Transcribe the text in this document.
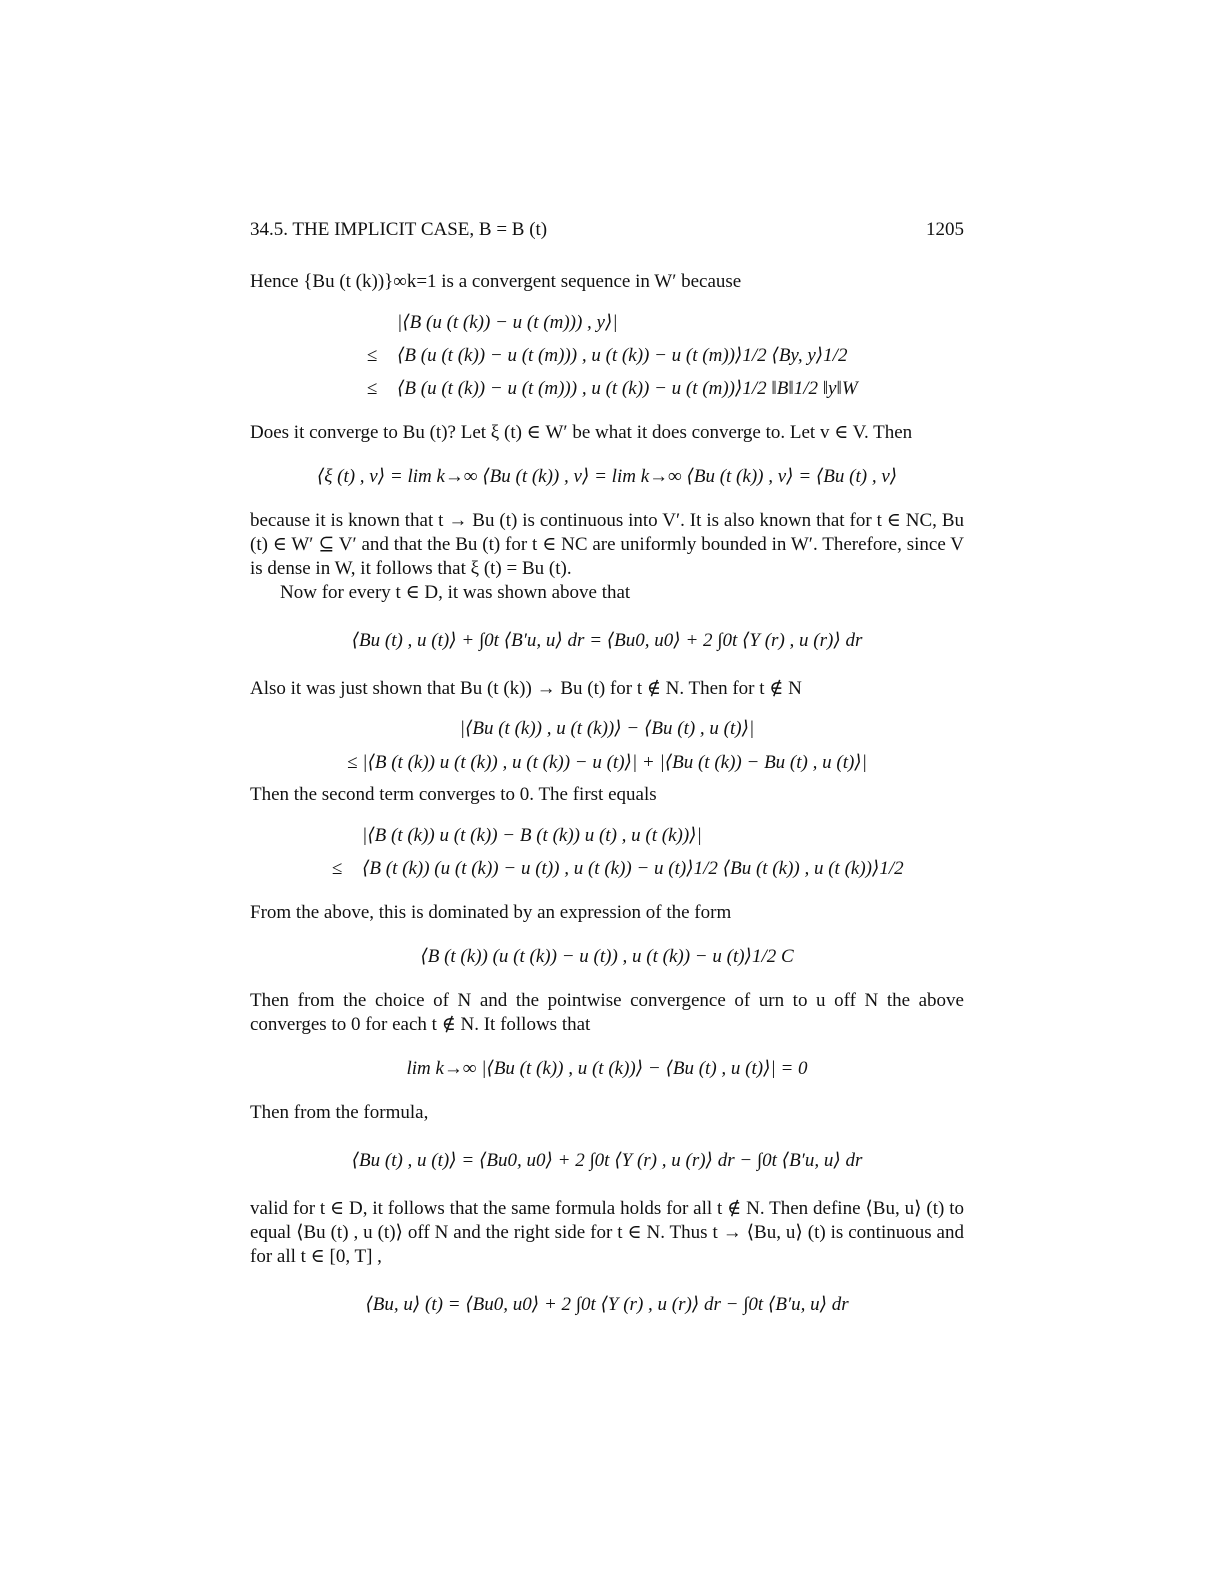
34.5. THE IMPLICIT CASE, B = B (t)	1205

Hence {Bu (t (k))}∞k=1 is a convergent sequence in W′ because

|⟨B (u (t (k)) − u (t (m))) , y⟩|
≤	⟨B (u (t (k)) − u (t (m))) , u (t (k)) − u (t (m))⟩1/2 ⟨By, y⟩1/2
≤	⟨B (u (t (k)) − u (t (m))) , u (t (k)) − u (t (m))⟩1/2 ‖B‖1/2 ‖y‖W

Does it converge to Bu (t)? Let ξ (t) ∈ W′ be what it does converge to. Let v ∈ V. Then

⟨ξ (t) , v⟩ = lim k→∞ ⟨Bu (t (k)) , v⟩ = lim k→∞ ⟨Bu (t (k)) , v⟩ = ⟨Bu (t) , v⟩

because it is known that t → Bu (t) is continuous into V′. It is also known that for t ∈ NC, Bu (t) ∈ W′ ⊆ V′ and that the Bu (t) for t ∈ NC are uniformly bounded in W′. Therefore, since V is dense in W, it follows that ξ (t) = Bu (t).

Now for every t ∈ D, it was shown above that

⟨Bu (t) , u (t)⟩ + ∫0t ⟨B′u, u⟩ dr = ⟨Bu0, u0⟩ + 2 ∫0t ⟨Y (r) , u (r)⟩ dr

Also it was just shown that Bu (t (k)) → Bu (t) for t ∉ N. Then for t ∉ N

|⟨Bu (t (k)) , u (t (k))⟩ − ⟨Bu (t) , u (t)⟩|
≤ |⟨B (t (k)) u (t (k)) , u (t (k)) − u (t)⟩| + |⟨Bu (t (k)) − Bu (t) , u (t)⟩|

Then the second term converges to 0. The first equals

|⟨B (t (k)) u (t (k)) − B (t (k)) u (t) , u (t (k))⟩|
≤	⟨B (t (k)) (u (t (k)) − u (t)) , u (t (k)) − u (t)⟩1/2 ⟨Bu (t (k)) , u (t (k))⟩1/2

From the above, this is dominated by an expression of the form

⟨B (t (k)) (u (t (k)) − u (t)) , u (t (k)) − u (t)⟩1/2 C

Then from the choice of N and the pointwise convergence of urn to u off N the above converges to 0 for each t ∉ N. It follows that

lim k→∞ |⟨Bu (t (k)) , u (t (k))⟩ − ⟨Bu (t) , u (t)⟩| = 0

Then from the formula,

⟨Bu (t) , u (t)⟩ = ⟨Bu0, u0⟩ + 2 ∫0t ⟨Y (r) , u (r)⟩ dr − ∫0t ⟨B′u, u⟩ dr

valid for t ∈ D, it follows that the same formula holds for all t ∉ N. Then define ⟨Bu, u⟩ (t) to equal ⟨Bu (t) , u (t)⟩ off N and the right side for t ∈ N. Thus t → ⟨Bu, u⟩ (t) is continuous and for all t ∈ [0, T] ,

⟨Bu, u⟩ (t) = ⟨Bu0, u0⟩ + 2 ∫0t ⟨Y (r) , u (r)⟩ dr − ∫0t ⟨B′u, u⟩ dr
